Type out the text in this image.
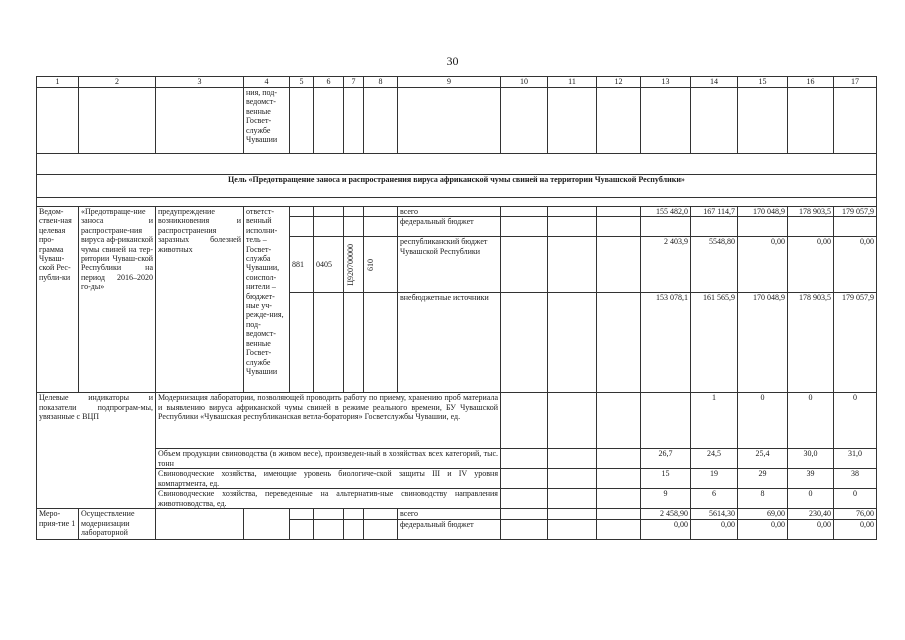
30
1	2	3	4	5	6	7	8	9	10	11	12	13	14	15	16	17
			ния, под-ведомст-венные Госвет-службе Чувашии													

Цель «Предотвращение заноса и распространения вируса африканской чумы свиней на территории Чувашской Республики»																

Ведом-ствен-ная целевая про-грамма Чуваш-ской Рес-публи-ки	«Предотвраще-ние заноса и распростране-ния вируса аф-риканской чумы свиней на тер-ритории Чуваш-ской Республики на период 2016–2020 го-ды»	предупреждение возникновения и распространения заразных болезней животных	ответст-венный исполни-тель – Госвет-служба Чувашии, соиспол-нители – бюджет-ные уч-режде-ния, под-ведомст-венные Госвет-службе Чувашии					всего				155 482,0	167 114,7	170 048,9	178 903,5	179 057,9
								федеральный бюджет								
				881	0405	Ц920700000	610	республиканский бюджет Чувашской Республики				2 403,9	5548,80	0,00	0,00	0,00
								внебюджетные источники				153 078,1	161 565,9	170 048,9	178 903,5	179 057,9
Целевые индикаторы и показатели подпрограм-мы, увязанные с ВЦП		Модернизация лаборатории, позволяющей проводить работу по приему, хранению проб материала и выявлению вируса африканской чумы свиней в режиме реального времени, БУ Чувашской Республики «Чувашская республиканская ветла-боратория» Госветслужбы Чувашии, ед.											1	0	0	0
		Объем продукции свиноводства (в живом весе), произведен-ный в хозяйствах всех категорий, тыс. тонн										26,7	24,5	25,4	30,0	31,0
		Свиноводческие хозяйства, имеющие уровень биологиче-ской защиты III и IV уровня компартмента, ед.										15	19	29	39	38
		Свиноводческие хозяйства, переведенные на альтернатив-ные свиноводству направления животноводства, ед.										9	6	8	0	0
Меро-прия-тие 1	Осуществление модернизации лабораторной							всего				2 458,90	5614,30	69,00	230,40	76,00
								федеральный бюджет				0,00	0,00	0,00	0,00	0,00
